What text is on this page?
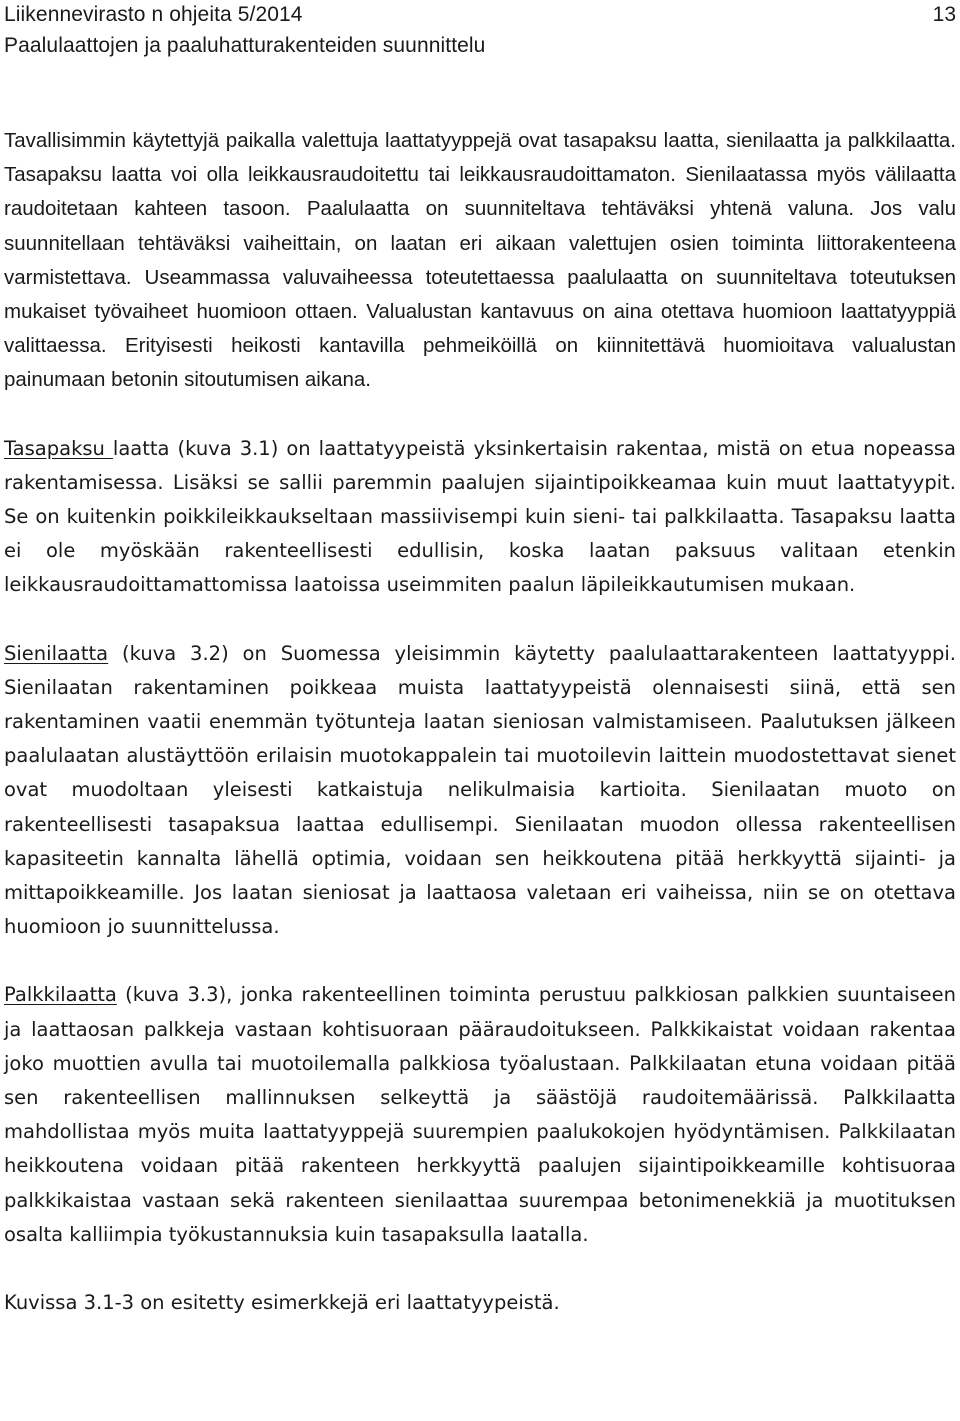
Liikennevirasto n ohjeita 5/2014
Paalulaattojen ja paaluhatturakenteiden suunnittelu
13

Tavallisimmin käytettyjä paikalla valettuja laattatyyppejä ovat tasapaksu laatta, sienilaatta ja palkkilaatta. Tasapaksu laatta voi olla leikkausraudoitettu tai leikkausraudoittamaton. Sienilaatassa myös välilaatta raudoitetaan kahteen tasoon. Paalulaatta on suunniteltava tehtäväksi yhtenä valuna. Jos valu suunnitellaan tehtäväksi vaiheittain, on laatan eri aikaan valettujen osien toiminta liittorakenteena varmistettava. Useammassa valuvaiheessa toteutettaessa paalulaatta on suunniteltava toteutuksen mukaiset työvaiheet huomioon ottaen. Valualustan kantavuus on aina otettava huomioon laattatyyppiä valittaessa. Erityisesti heikosti kantavilla pehmeiköillä on kiinnitettävä huomioitava valualustan painumaan betonin sitoutumisen aikana.

Tasapaksu laatta (kuva 3.1) on laattatyypeistä yksinkertaisin rakentaa, mistä on etua nopeassa rakentamisessa. Lisäksi se sallii paremmin paalujen sijaintipoikkeamaa kuin muut laattatyypit. Se on kuitenkin poikkileikkaukseltaan massiivisempi kuin sieni- tai palkkilaatta. Tasapaksu laatta ei ole myöskään rakenteellisesti edullisin, koska laatan paksuus valitaan etenkin leikkausraudoittamattomissa laatoissa useimmiten paalun läpileikkautumisen mukaan.

Sienilaatta (kuva 3.2) on Suomessa yleisimmin käytetty paalulaattarakenteen laattatyyppi. Sienilaatan rakentaminen poikkeaa muista laattatyypeistä olennaisesti siinä, että sen rakentaminen vaatii enemmän työtunteja laatan sieniosan valmistamiseen. Paalutuksen jälkeen paalulaatan alustäyttöön erilaisin muotokappalein tai muotoilevin laittein muodostettavat sienet ovat muodoltaan yleisesti katkaistuja nelikulmaisia kartioita. Sienilaatan muoto on rakenteellisesti tasapaksua laattaa edullisempi. Sienilaatan muodon ollessa rakenteellisen kapasiteetin kannalta lähellä optimia, voidaan sen heikkoutena pitää herkkyyttä sijainti- ja mittapoikkeamille. Jos laatan sieniosat ja laattaosa valetaan eri vaiheissa, niin se on otettava huomioon jo suunnittelussa.

Palkkilaatta (kuva 3.3), jonka rakenteellinen toiminta perustuu palkkiosan palkkien suuntaiseen ja laattaosan palkkeja vastaan kohtisuoraan pääraudoitukseen. Palkkikaistat voidaan rakentaa joko muottien avulla tai muotoilemalla palkkiosa työalustaan. Palkkilaatan etuna voidaan pitää sen rakenteellisen mallinnuksen selkeyttä ja säästöjä raudoitemäärissä. Palkkilaatta mahdollistaa myös muita laattatyyppejä suurempien paalukokojen hyödyntämisen. Palkkilaatan heikkoutena voidaan pitää rakenteen herkkyyttä paalujen sijaintipoikkeamille kohtisuoraa palkkikaistaa vastaan sekä rakenteen sienilaattaa suurempaa betonimenekkiä ja muotituksen osalta kalliimpia työkustannuksia kuin tasapaksulla laatalla.

Kuvissa 3.1-3 on esitetty esimerkkejä eri laattatyypeistä.
